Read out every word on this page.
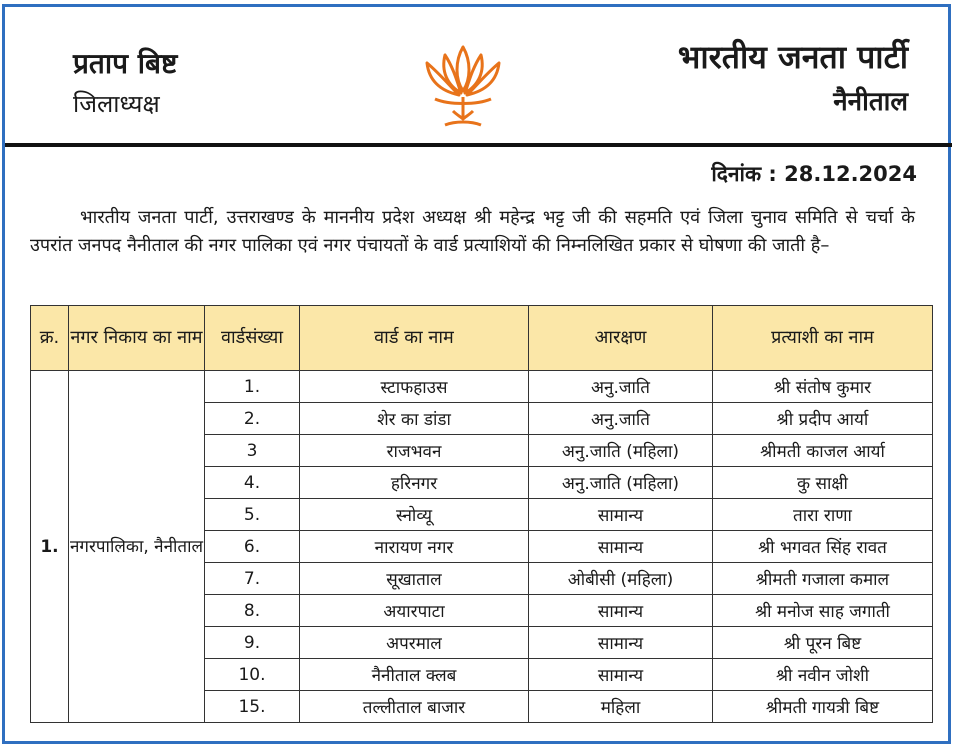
प्रताप बिष्ट
जिलाध्यक्ष
भारतीय जनता पार्टी
नैनीताल
दिनांक : 28.12.2024
भारतीय जनता पार्टी, उत्तराखण्ड के माननीय प्रदेश अध्यक्ष श्री महेन्द्र भट्ट जी की सहमति एवं जिला चुनाव समिति से चर्चा के उपरांत जनपद नैनीताल की नगर पालिका एवं नगर पंचायतों के वार्ड प्रत्याशियों की निम्नलिखित प्रकार से घोषणा की जाती है–
क्र.	नगर निकाय का नाम	वार्डसंख्या	वार्ड का नाम	आरक्षण	प्रत्याशी का नाम
1.	नगरपालिका, नैनीताल	1.	स्टाफहाउस	अनु.जाति	श्री संतोष कुमार
		2.	शेर का डांडा	अनु.जाति	श्री प्रदीप आर्या
		3	राजभवन	अनु.जाति (महिला)	श्रीमती काजल आर्या
		4.	हरिनगर	अनु.जाति (महिला)	कु साक्षी
		5.	स्नोव्यू	सामान्य	तारा राणा
		6.	नारायण नगर	सामान्य	श्री भगवत सिंह रावत
		7.	सूखाताल	ओबीसी (महिला)	श्रीमती गजाला कमाल
		8.	अयारपाटा	सामान्य	श्री मनोज साह जगाती
		9.	अपरमाल	सामान्य	श्री पूरन बिष्ट
		10.	नैनीताल क्लब	सामान्य	श्री नवीन जोशी
		15.	तल्लीताल बाजार	महिला	श्रीमती गायत्री बिष्ट
